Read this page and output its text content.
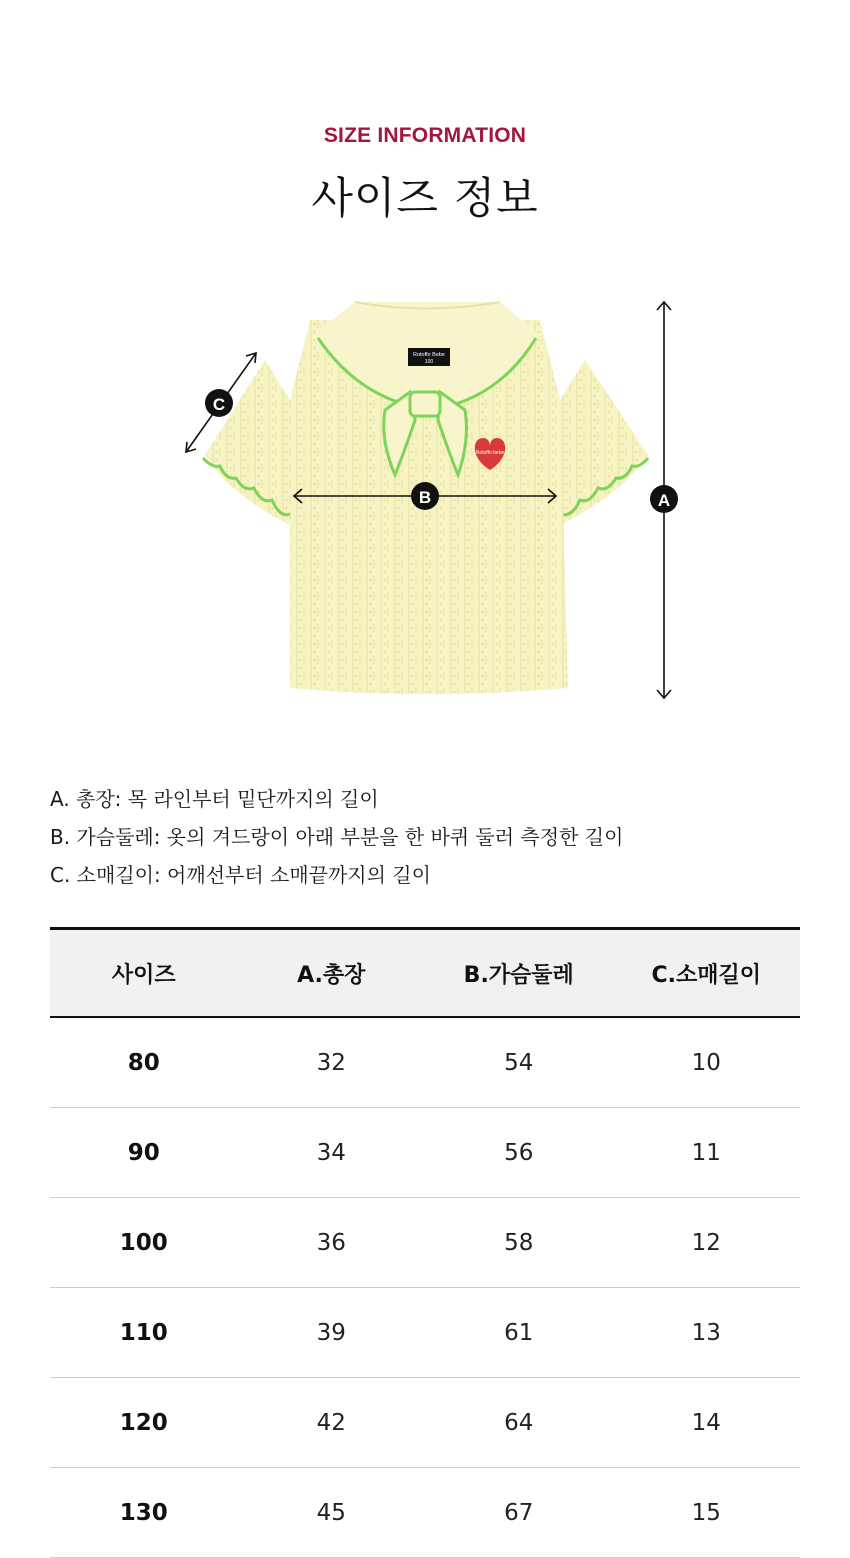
SIZE INFORMATION
사이즈 정보
Rotoffo Bebe
100
Rotoffo bebe
A
B
C
A. 총장: 목 라인부터 밑단까지의 길이
B. 가슴둘레: 옷의 겨드랑이 아래 부분을 한 바퀴 둘러 측정한 길이
C. 소매길이: 어깨선부터 소매끝까지의 길이
사이즈	A.총장	B.가슴둘레	C.소매길이
80	32	54	10
90	34	56	11
100	36	58	12
110	39	61	13
120	42	64	14
130	45	67	15
